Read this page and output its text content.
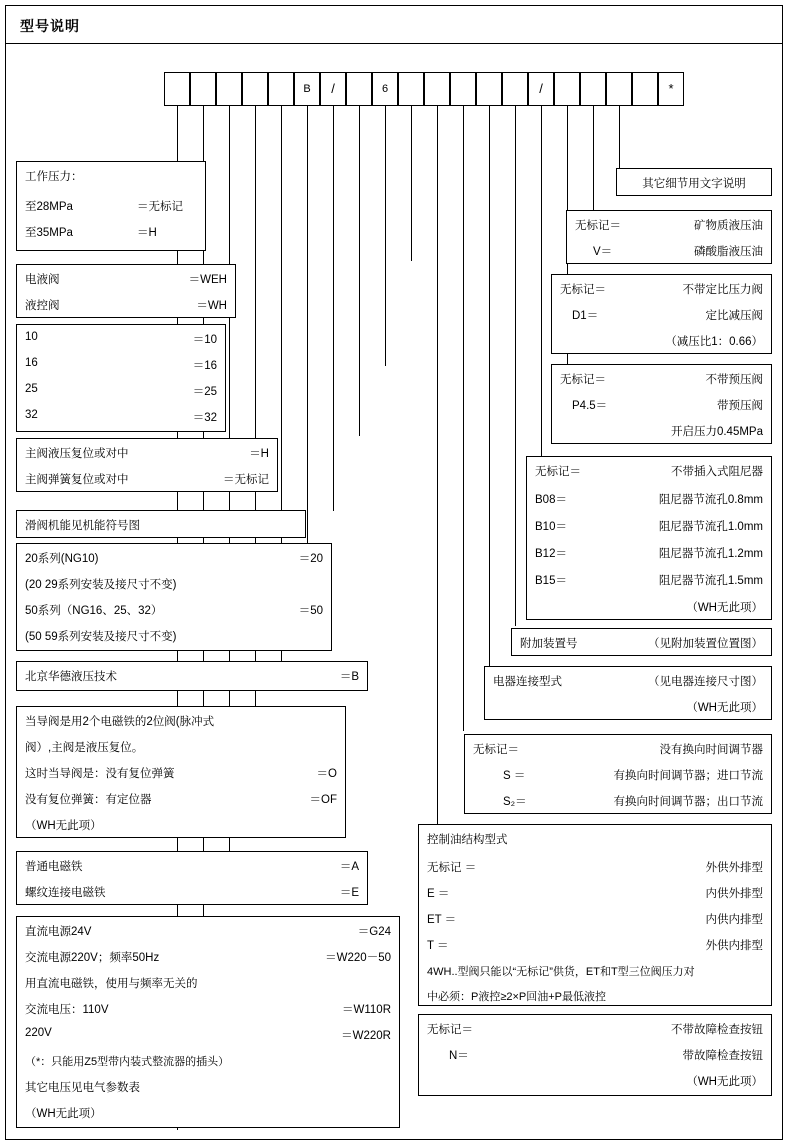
型号说明
B	/	6	/	*
工作压力：
至28MPa	＝无标记
至35MPa	＝H
电液阀	＝WEH
液控阀	＝WH
10	＝10
16	＝16
25	＝25
32	＝32
主阀液压复位或对中	＝H
主阀弹簧复位或对中	＝无标记
滑阀机能见机能符号图
20系列(NG10)	＝20
(20 29系列安装及接尺寸不变)
50系列（NG16、25、32）	＝50
(50 59系列安装及接尺寸不变)
北京华德液压技术	＝B
当导阀是用2个电磁铁的2位阀(脉冲式
阀）,主阀是液压复位。
这时当导阀是：没有复位弹簧	＝O
没有复位弹簧：有定位器	＝OF
（WH无此项）
普通电磁铁	＝A
螺纹连接电磁铁	＝E
直流电源24V	＝G24
交流电源220V；频率50Hz	＝W220－50
用直流电磁铁，使用与频率无关的
交流电压：110V	＝W110R
220V	＝W220R
（*：只能用Z5型带内装式整流器的插头）
其它电压见电气参数表
（WH无此项）
其它细节用文字说明
无标记＝	矿物质液压油
V＝	磷酸脂液压油
无标记＝	不带定比压力阀
D1＝	定比减压阀
（减压比1：0.66）
无标记＝	不带预压阀
P4.5＝	带预压阀
开启压力0.45MPa
无标记＝	不带插入式阻尼器
B08＝	阻尼器节流孔0.8mm
B10＝	阻尼器节流孔1.0mm
B12＝	阻尼器节流孔1.2mm
B15＝	阻尼器节流孔1.5mm
（WH无此项）
附加装置号	（见附加装置位置图）
电器连接型式	（见电器连接尺寸图）
（WH无此项）
无标记＝	没有换向时间调节器
S ＝	有换向时间调节器；进口节流
S₂＝	有换向时间调节器；出口节流
控制油结构型式
无标记 ＝	外供外排型
E ＝	内供外排型
ET ＝	内供内排型
T ＝	外供内排型
4WH..型阀只能以“无标记”供货，ET和T型三位阀压力对
中必须：P液控≥2×P回油+P最低液控
无标记＝	不带故障检查按钮
N＝	带故障检查按钮
（WH无此项）
